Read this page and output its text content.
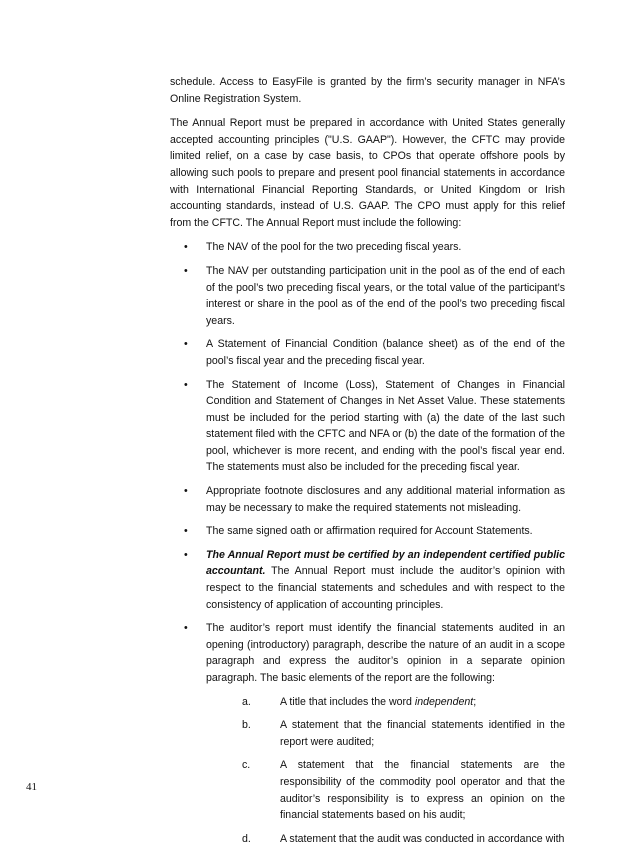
schedule. Access to EasyFile is granted by the firm’s security manager in NFA’s Online Registration System.

The Annual Report must be prepared in accordance with United States generally accepted accounting principles ("U.S. GAAP"). However, the CFTC may provide limited relief, on a case by case basis, to CPOs that operate offshore pools by allowing such pools to prepare and present pool financial statements in accordance with International Financial Reporting Standards, or United Kingdom or Irish accounting standards, instead of U.S. GAAP. The CPO must apply for this relief from the CFTC. The Annual Report must include the following:

• The NAV of the pool for the two preceding fiscal years.
• The NAV per outstanding participation unit in the pool as of the end of each of the pool’s two preceding fiscal years, or the total value of the participant’s interest or share in the pool as of the end of the pool’s two preceding fiscal years.
• A Statement of Financial Condition (balance sheet) as of the end of the pool’s fiscal year and the preceding fiscal year.
• The Statement of Income (Loss), Statement of Changes in Financial Condition and Statement of Changes in Net Asset Value. These statements must be included for the period starting with (a) the date of the last such statement filed with the CFTC and NFA or (b) the date of the formation of the pool, whichever is more recent, and ending with the pool’s fiscal year end. The statements must also be included for the preceding fiscal year.
• Appropriate footnote disclosures and any additional material information as may be necessary to make the required statements not misleading.
• The same signed oath or affirmation required for Account Statements.
• The Annual Report must be certified by an independent certified public accountant. The Annual Report must include the auditor’s opinion with respect to the financial statements and schedules and with respect to the consistency of application of accounting principles.
• The auditor’s report must identify the financial statements audited in an opening (introductory) paragraph, describe the nature of an audit in a scope paragraph and express the auditor’s opinion in a separate opinion paragraph. The basic elements of the report are the following:
a.	A title that includes the word independent;
b.	A statement that the financial statements identified in the report were audited;
c.	A statement that the financial statements are the responsibility of the commodity pool operator and that the auditor’s responsibility is to express an opinion on the financial statements based on his audit;
d.	A statement that the audit was conducted in accordance with
41
